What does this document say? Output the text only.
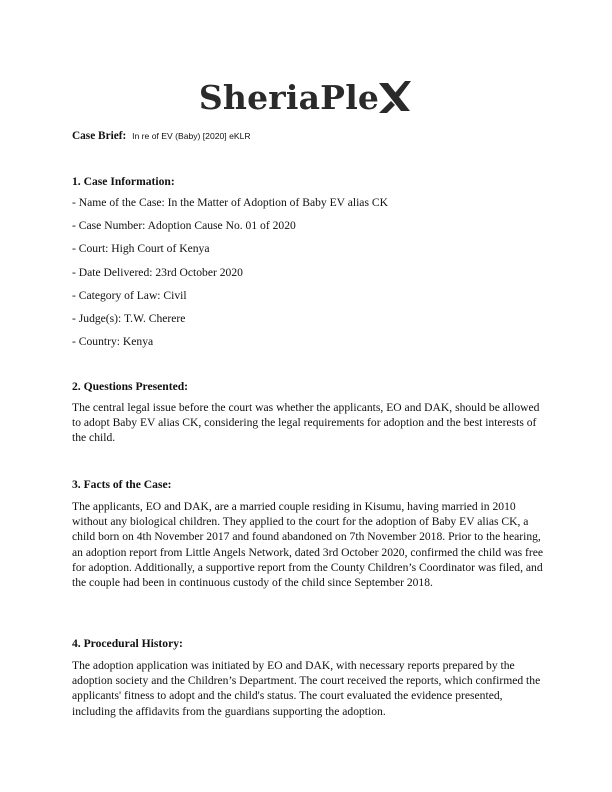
SheriaPle
Case Brief: In re of EV (Baby) [2020] eKLR

1. Case Information:

- Name of the Case: In the Matter of Adoption of Baby EV alias CK

- Case Number: Adoption Cause No. 01 of 2020

- Court: High Court of Kenya

- Date Delivered: 23rd October 2020

- Category of Law: Civil

- Judge(s): T.W. Cherere

- Country: Kenya

2. Questions Presented:

The central legal issue before the court was whether the applicants, EO and DAK, should be allowed to adopt Baby EV alias CK, considering the legal requirements for adoption and the best interests of the child.

3. Facts of the Case:

The applicants, EO and DAK, are a married couple residing in Kisumu, having married in 2010 without any biological children. They applied to the court for the adoption of Baby EV alias CK, a child born on 4th November 2017 and found abandoned on 7th November 2018. Prior to the hearing, an adoption report from Little Angels Network, dated 3rd October 2020, confirmed the child was free for adoption. Additionally, a supportive report from the County Children’s Coordinator was filed, and the couple had been in continuous custody of the child since September 2018.

4. Procedural History:

The adoption application was initiated by EO and DAK, with necessary reports prepared by the adoption society and the Children’s Department. The court received the reports, which confirmed the applicants' fitness to adopt and the child's status. The court evaluated the evidence presented, including the affidavits from the guardians supporting the adoption.
